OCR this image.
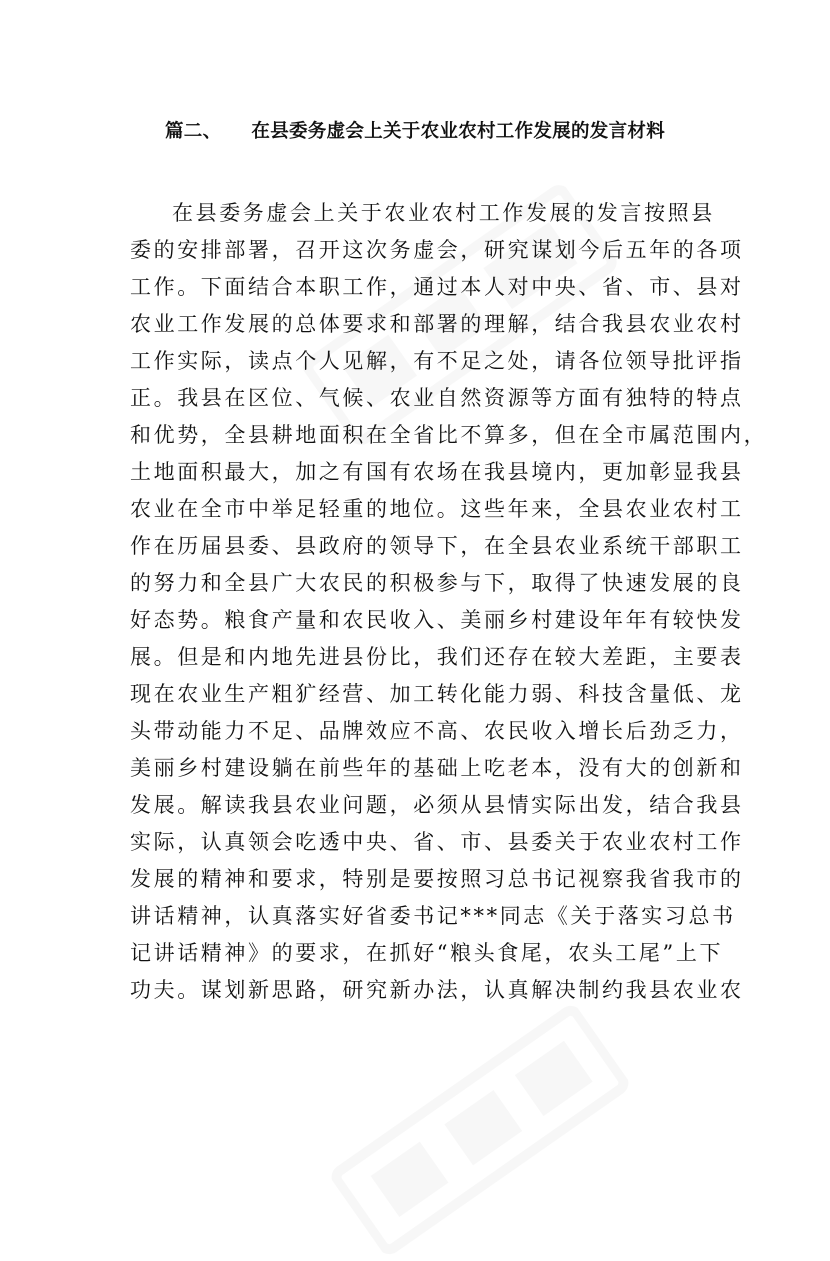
篇二、 在县委务虚会上关于农业农村工作发展的发言材料
在县委务虚会上关于农业农村工作发展的发言按照县
委的安排部署，召开这次务虚会，研究谋划今后五年的各项
工作。下面结合本职工作，通过本人对中央、省、市、县对
农业工作发展的总体要求和部署的理解，结合我县农业农村
工作实际，读点个人见解，有不足之处，请各位领导批评指
正。我县在区位、气候、农业自然资源等方面有独特的特点
和优势，全县耕地面积在全省比不算多，但在全市属范围内，
土地面积最大，加之有国有农场在我县境内，更加彰显我县
农业在全市中举足轻重的地位。这些年来，全县农业农村工
作在历届县委、县政府的领导下，在全县农业系统干部职工
的努力和全县广大农民的积极参与下，取得了快速发展的良
好态势。粮食产量和农民收入、美丽乡村建设年年有较快发
展。但是和内地先进县份比，我们还存在较大差距，主要表
现在农业生产粗犷经营、加工转化能力弱、科技含量低、龙
头带动能力不足、品牌效应不高、农民收入增长后劲乏力，
美丽乡村建设躺在前些年的基础上吃老本，没有大的创新和
发展。解读我县农业问题，必须从县情实际出发，结合我县
实际，认真领会吃透中央、省、市、县委关于农业农村工作
发展的精神和要求，特别是要按照习总书记视察我省我市的
讲话精神，认真落实好省委书记***同志《关于落实习总书
记讲话精神》的要求，在抓好“粮头食尾，农头工尾”上下
功夫。谋划新思路，研究新办法，认真解决制约我县农业农
